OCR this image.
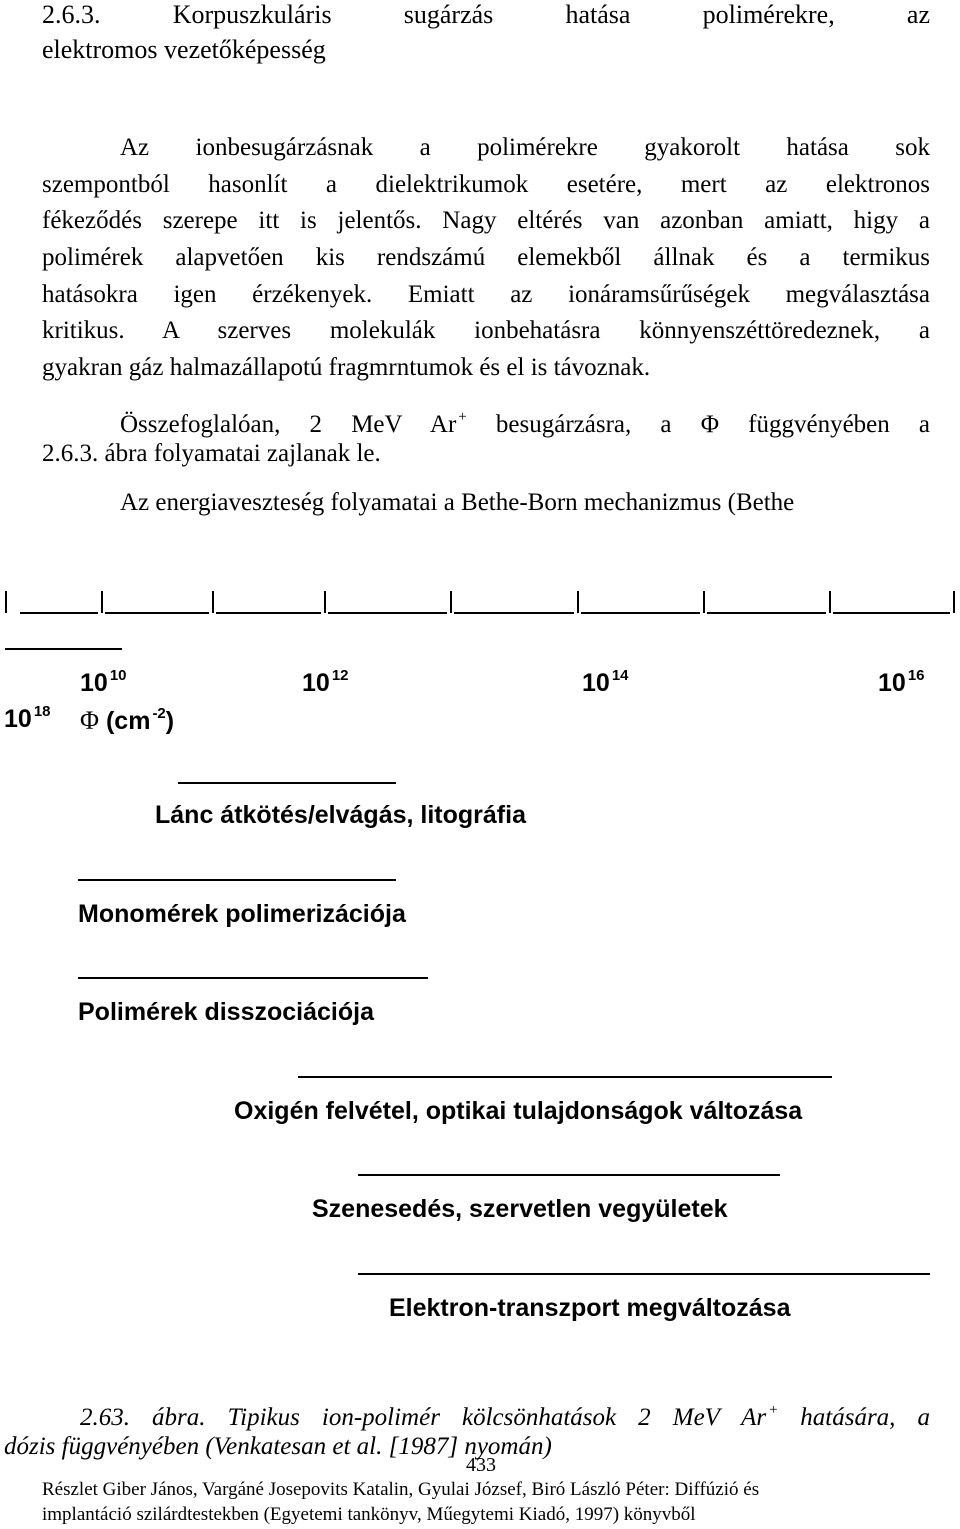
2.6.3.	Korpuszkuláris sugárzás hatása polimérekre, az
elektromos vezetőképesség
Az ionbesugárzásnak a polimérekre gyakorolt hatása sok
szempontból hasonlít a dielektrikumok esetére, mert az elektronos
fékeződés szerepe itt is jelentős. Nagy eltérés van azonban amiatt, higy a
polimérek alapvetően kis rendszámú elemekből állnak és a termikus
hatásokra igen érzékenyek. Emiatt az ionáramsűrűségek megválasztása
kritikus. A szerves molekulák ionbehatásra könnyenszéttöredeznek, a
gyakran gáz halmazállapotú fragmrntumok és el is távoznak.
Összefoglalóan, 2 MeV Ar + besugárzásra, a Φ függvényében a
2.6.3. ábra folyamatai zajlanak le.
Az energiaveszteség folyamatai a Bethe-Born mechanizmus (Bethe
10 $^{10}$	10 $^{12}$	10 $^{14}$	10 $^{16}$
10 $^{18}$ Φ (cm $^{-2}$)
Lánc átkötés/elvágás, litográfia
Monomérek polimerizációja
Polimérek disszociációja
Oxigén felvétel, optikai tulajdonságok változása
Szenesedés, szervetlen vegyületek
Elektron-transzport megváltozása
2.63. ábra. Tipikus ion-polimér kölcsönhatások 2 MeV Ar + hatására, a
dózis függvényében (Venkatesan et al. [1987] nyomán)
433
Részlet Giber János, Vargáné Josepovits Katalin, Gyulai József, Biró László Péter: Diffúzió és
implantáció szilárdtestekben (Egyetemi tankönyv, Műegytemi Kiadó, 1997) könyvből
